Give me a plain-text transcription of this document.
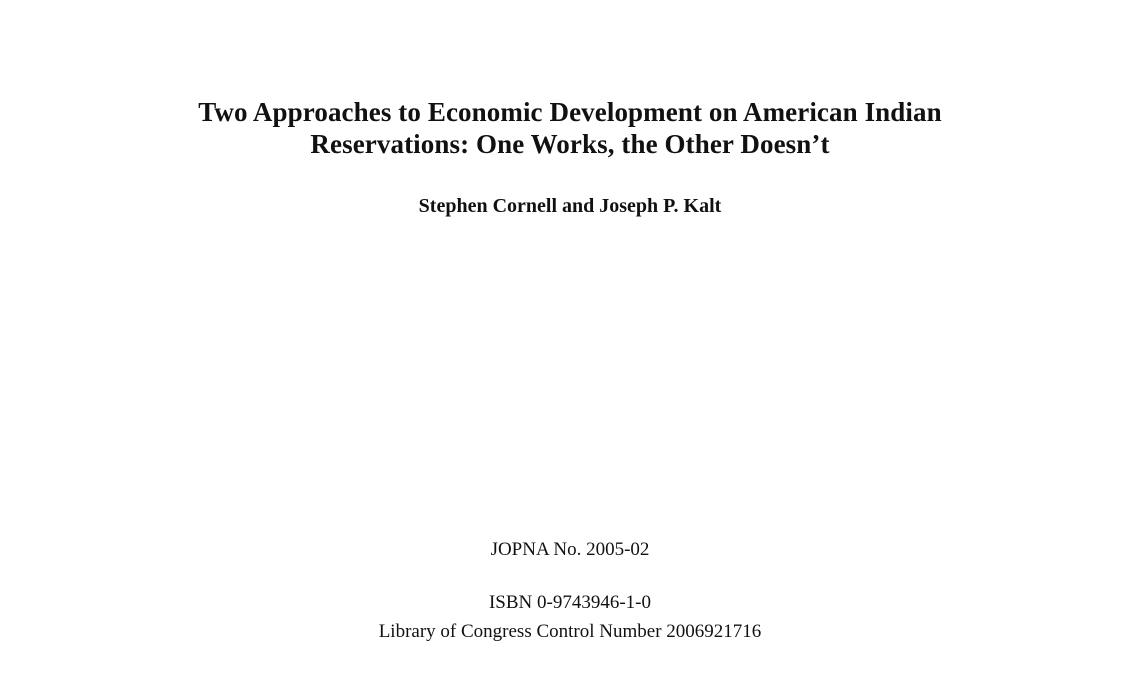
Two Approaches to Economic Development on American Indian
Reservations: One Works, the Other Doesn’t
Stephen Cornell and Joseph P. Kalt
JOPNA No. 2005-02
ISBN 0-9743946-1-0
Library of Congress Control Number 2006921716
